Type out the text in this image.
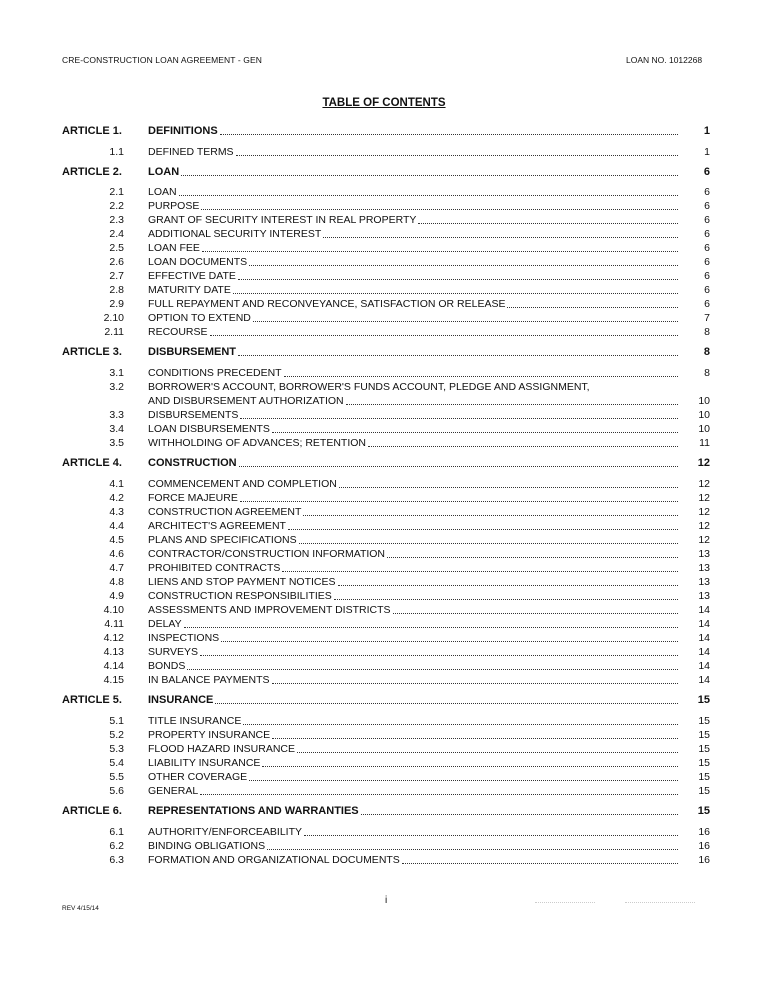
CRE-CONSTRUCTION LOAN AGREEMENT - GEN	LOAN NO. 1012268
TABLE OF CONTENTS
ARTICLE 1. DEFINITIONS	1
1.1 DEFINED TERMS	1
ARTICLE 2. LOAN	6
2.1 LOAN	6
2.2 PURPOSE	6
2.3 GRANT OF SECURITY INTEREST IN REAL PROPERTY	6
2.4 ADDITIONAL SECURITY INTEREST	6
2.5 LOAN FEE	6
2.6 LOAN DOCUMENTS	6
2.7 EFFECTIVE DATE	6
2.8 MATURITY DATE	6
2.9 FULL REPAYMENT AND RECONVEYANCE, SATISFACTION OR RELEASE	6
2.10 OPTION TO EXTEND	7
2.11 RECOURSE	8
ARTICLE 3. DISBURSEMENT	8
3.1 CONDITIONS PRECEDENT	8
3.2 BORROWER'S ACCOUNT, BORROWER'S FUNDS ACCOUNT, PLEDGE AND ASSIGNMENT,
AND DISBURSEMENT AUTHORIZATION	10
3.3 DISBURSEMENTS	10
3.4 LOAN DISBURSEMENTS	10
3.5 WITHHOLDING OF ADVANCES; RETENTION	11
ARTICLE 4. CONSTRUCTION	12
4.1 COMMENCEMENT AND COMPLETION	12
4.2 FORCE MAJEURE	12
4.3 CONSTRUCTION AGREEMENT	12
4.4 ARCHITECT'S AGREEMENT	12
4.5 PLANS AND SPECIFICATIONS	12
4.6 CONTRACTOR/CONSTRUCTION INFORMATION	13
4.7 PROHIBITED CONTRACTS	13
4.8 LIENS AND STOP PAYMENT NOTICES	13
4.9 CONSTRUCTION RESPONSIBILITIES	13
4.10 ASSESSMENTS AND IMPROVEMENT DISTRICTS	14
4.11 DELAY	14
4.12 INSPECTIONS	14
4.13 SURVEYS	14
4.14 BONDS	14
4.15 IN BALANCE PAYMENTS	14
ARTICLE 5. INSURANCE	15
5.1 TITLE INSURANCE	15
5.2 PROPERTY INSURANCE	15
5.3 FLOOD HAZARD INSURANCE	15
5.4 LIABILITY INSURANCE	15
5.5 OTHER COVERAGE	15
5.6 GENERAL	15
ARTICLE 6. REPRESENTATIONS AND WARRANTIES	15
6.1 AUTHORITY/ENFORCEABILITY	16
6.2 BINDING OBLIGATIONS	16
6.3 FORMATION AND ORGANIZATIONAL DOCUMENTS	16
i
REV 4/15/14
